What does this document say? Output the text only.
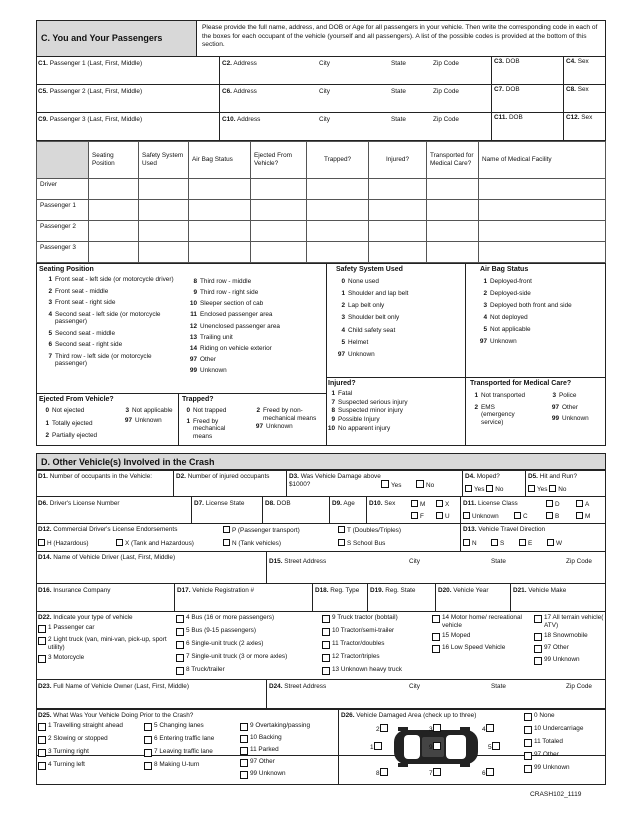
C. You and Your Passengers
Please provide the full name, address, and DOB or Age for all passengers in your vehicle. Then write the corresponding code in each of the boxes for each occupant of the vehicle (yourself and all passengers). A list of the possible codes is provided at the bottom of this section.
	Seating Position	Safety System Used	Air Bag Status	Ejected From Vehicle?	Trapped?	Injured?	Transported for Medical Care?	Name of Medical Facility
Driver								
Passenger 1								
Passenger 2								
Passenger 3								
Seating Position
1 Front seat - left side (or motorcycle driver)
2 Front seat - middle
3 Front seat - right side
4 Second seat - left side (or motorcycle passenger)
5 Second seat - middle
6 Second seat - right side
7 Third row - left side (or motorcycle passenger)
8 Third row - middle
9 Third row - right side
10 Sleeper section of cab
11 Enclosed passenger area
12 Unenclosed passenger area
13 Trailing unit
14 Riding on vehicle exterior
97 Other
99 Unknown
Safety System Used
0 None used
1 Shoulder and lap belt
2 Lap belt only
3 Shoulder belt only
4 Child safety seat
5 Helmet
97 Unknown
Air Bag Status
1 Deployed-front
2 Deployed-side
3 Deployed both front and side
4 Not deployed
5 Not applicable
97 Unknown
Ejected From Vehicle?
0 Not ejected
1 Totally ejected
2 Partially ejected
3 Not applicable
97 Unknown
Trapped?
0 Not trapped
1 Freed by mechanical means
2 Freed by non-mechanical means
97 Unknown
Injured?
1 Fatal
7 Suspected serious injury
8 Suspected minor injury
9 Possible Injury
10 No apparent injury
Transported for Medical Care?
1 Not transported
2 EMS (emergency service)
3 Police
97 Other
99 Unknown
D. Other Vehicle(s) Involved in the Crash
D1. Number of occupants in the Vehicle:	D2. Number of injured occupants	D3. Was Vehicle Damage above $1000?	Yes	No
D4. Moped?
Yes No
D5. Hit and Run?
Yes No
D6. Driver's License Number	D7. License State	D8. DOB	D9. Age D10. Sex	M	X
F	U
D11. License Class	D	A
Unknown	C	B	M
D12. Commercial Driver's License Endorsements	P (Passenger transport)	T (Doubles/Triples)
H (Hazardous)	X (Tank and Hazardous)	N (Tank vehicles)	S School Bus
D13. Vehicle Travel Direction
N	S	E	W
D14. Name of Vehicle Driver (Last, First, Middle)
D15. Street Address	City	State	Zip Code
D16. Insurance Company	D17. Vehicle Registration #	D18. Reg. Type D19. Reg. State	D20. Vehicle Year	D21. Vehicle Make
D22. Indicate your type of vehicle
1 Passenger car
2 Light truck (van, mini-van, pick-up, sport utility)
3 Motorcycle
4 Bus (16 or more passengers)
5 Bus (9-15 passengers)
6 Single-unit truck (2 axles)
7 Single-unit truck (3 or more axles)
8 Truck/trailer
9 Truck tractor (bobtail)
10 Tractor/semi-trailer
11 Tractor/doubles
12 Tractor/triples
13 Unknown heavy truck
14 Motor home/ recreational vehicle
15 Moped
16 Low Speed Vehicle
17 All terrain vehicle( ATV)
18 Snowmobile
97 Other
99 Unknown
D23. Full Name of Vehicle Owner (Last, First, Middle)	D24. Street Address	City	State	Zip Code
D25. What Was Your Vehicle Doing Prior to the Crash?
1 Travelling straight ahead
2 Slowing or stopped
3 Turning right
4 Turning left
5 Changing lanes
6 Entering traffic lane
7 Leaving traffic lane
8 Making U-turn
9 Overtaking/passing
10 Backing
11 Parked
97 Other
99 Unknown
D26. Vehicle Damaged Area (check up to three)
2	3	4
1	9	5
8	7	6
0 None
10 Undercarriage
11 Totaled
97 Other
99 Unknown
CRASH102_1119
C1. Passenger 1 (Last, First, Middle)	C2. Address	C3. DOB	C4. Sex
City	State	Zip Code
C5. Passenger 2 (Last, First, Middle)	C6. Address	C7. DOB	C8. Sex
City	State	Zip Code
C9. Passenger 3 (Last, First, Middle)	C10. Address	C11. DOB	C12. Sex
City	State	Zip Code
